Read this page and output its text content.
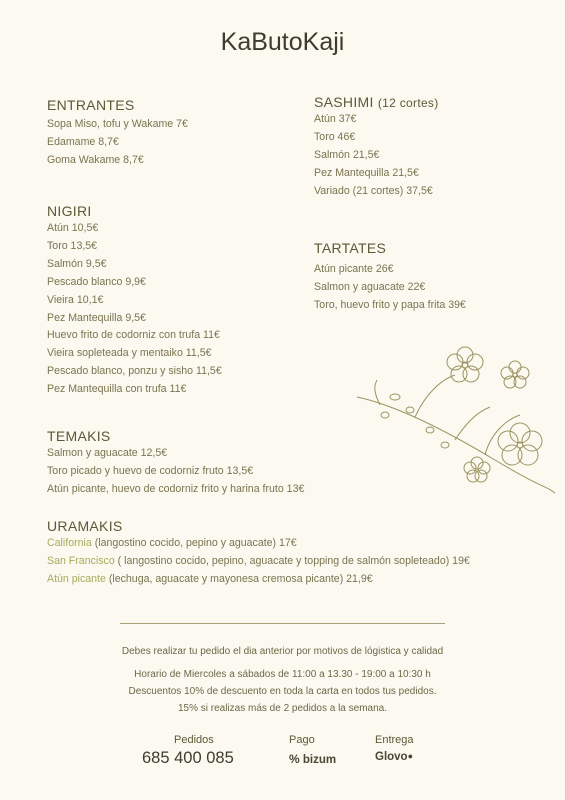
KaButoKaji
ENTRANTES
Sopa Miso, tofu y Wakame 7€
Edamame 8,7€
Goma Wakame 8,7€
NIGIRI
Atún 10,5€
Toro 13,5€
Salmón 9,5€
Pescado blanco 9,9€
Vieira 10,1€
Pez Mantequilla 9,5€
Huevo frito de codorniz con trufa 11€
Vieira sopleteada y mentaiko 11,5€
Pescado blanco, ponzu y sisho 11,5€
Pez Mantequilla con trufa 11€
SASHIMI (12 cortes)
Atún 37€
Toro 46€
Salmón 21,5€
Pez Mantequilla 21,5€
Variado (21 cortes) 37,5€
TARTATES
Atún picante 26€
Salmon y aguacate 22€
Toro, huevo frito y papa frita 39€
TEMAKIS
Salmon y aguacate 12,5€
Toro picado y huevo de codorniz fruto 13,5€
Atún picante, huevo de codorniz frito y harina fruto 13€
URAMAKIS
California (langostino cocido, pepino y aguacate) 17€
San Francisco ( langostino cocido, pepino, aguacate y topping de salmón sopleteado) 19€
Atún picante (lechuga, aguacate y mayonesa cremosa picante) 21,9€
Debes realizar tu pedido el dia anterior por motivos de lógistica y calidad
Horario de Miercoles a sábados de 11:00 a 13.30 - 19:00 a 10:30 h
Descuentos 10% de descuento en toda la carta en todos tus pedidos.
15% si realizas más de 2 pedidos a la semana.
Pedidos
685 400 085
Pago
% bizum
Entrega
Glovo●
